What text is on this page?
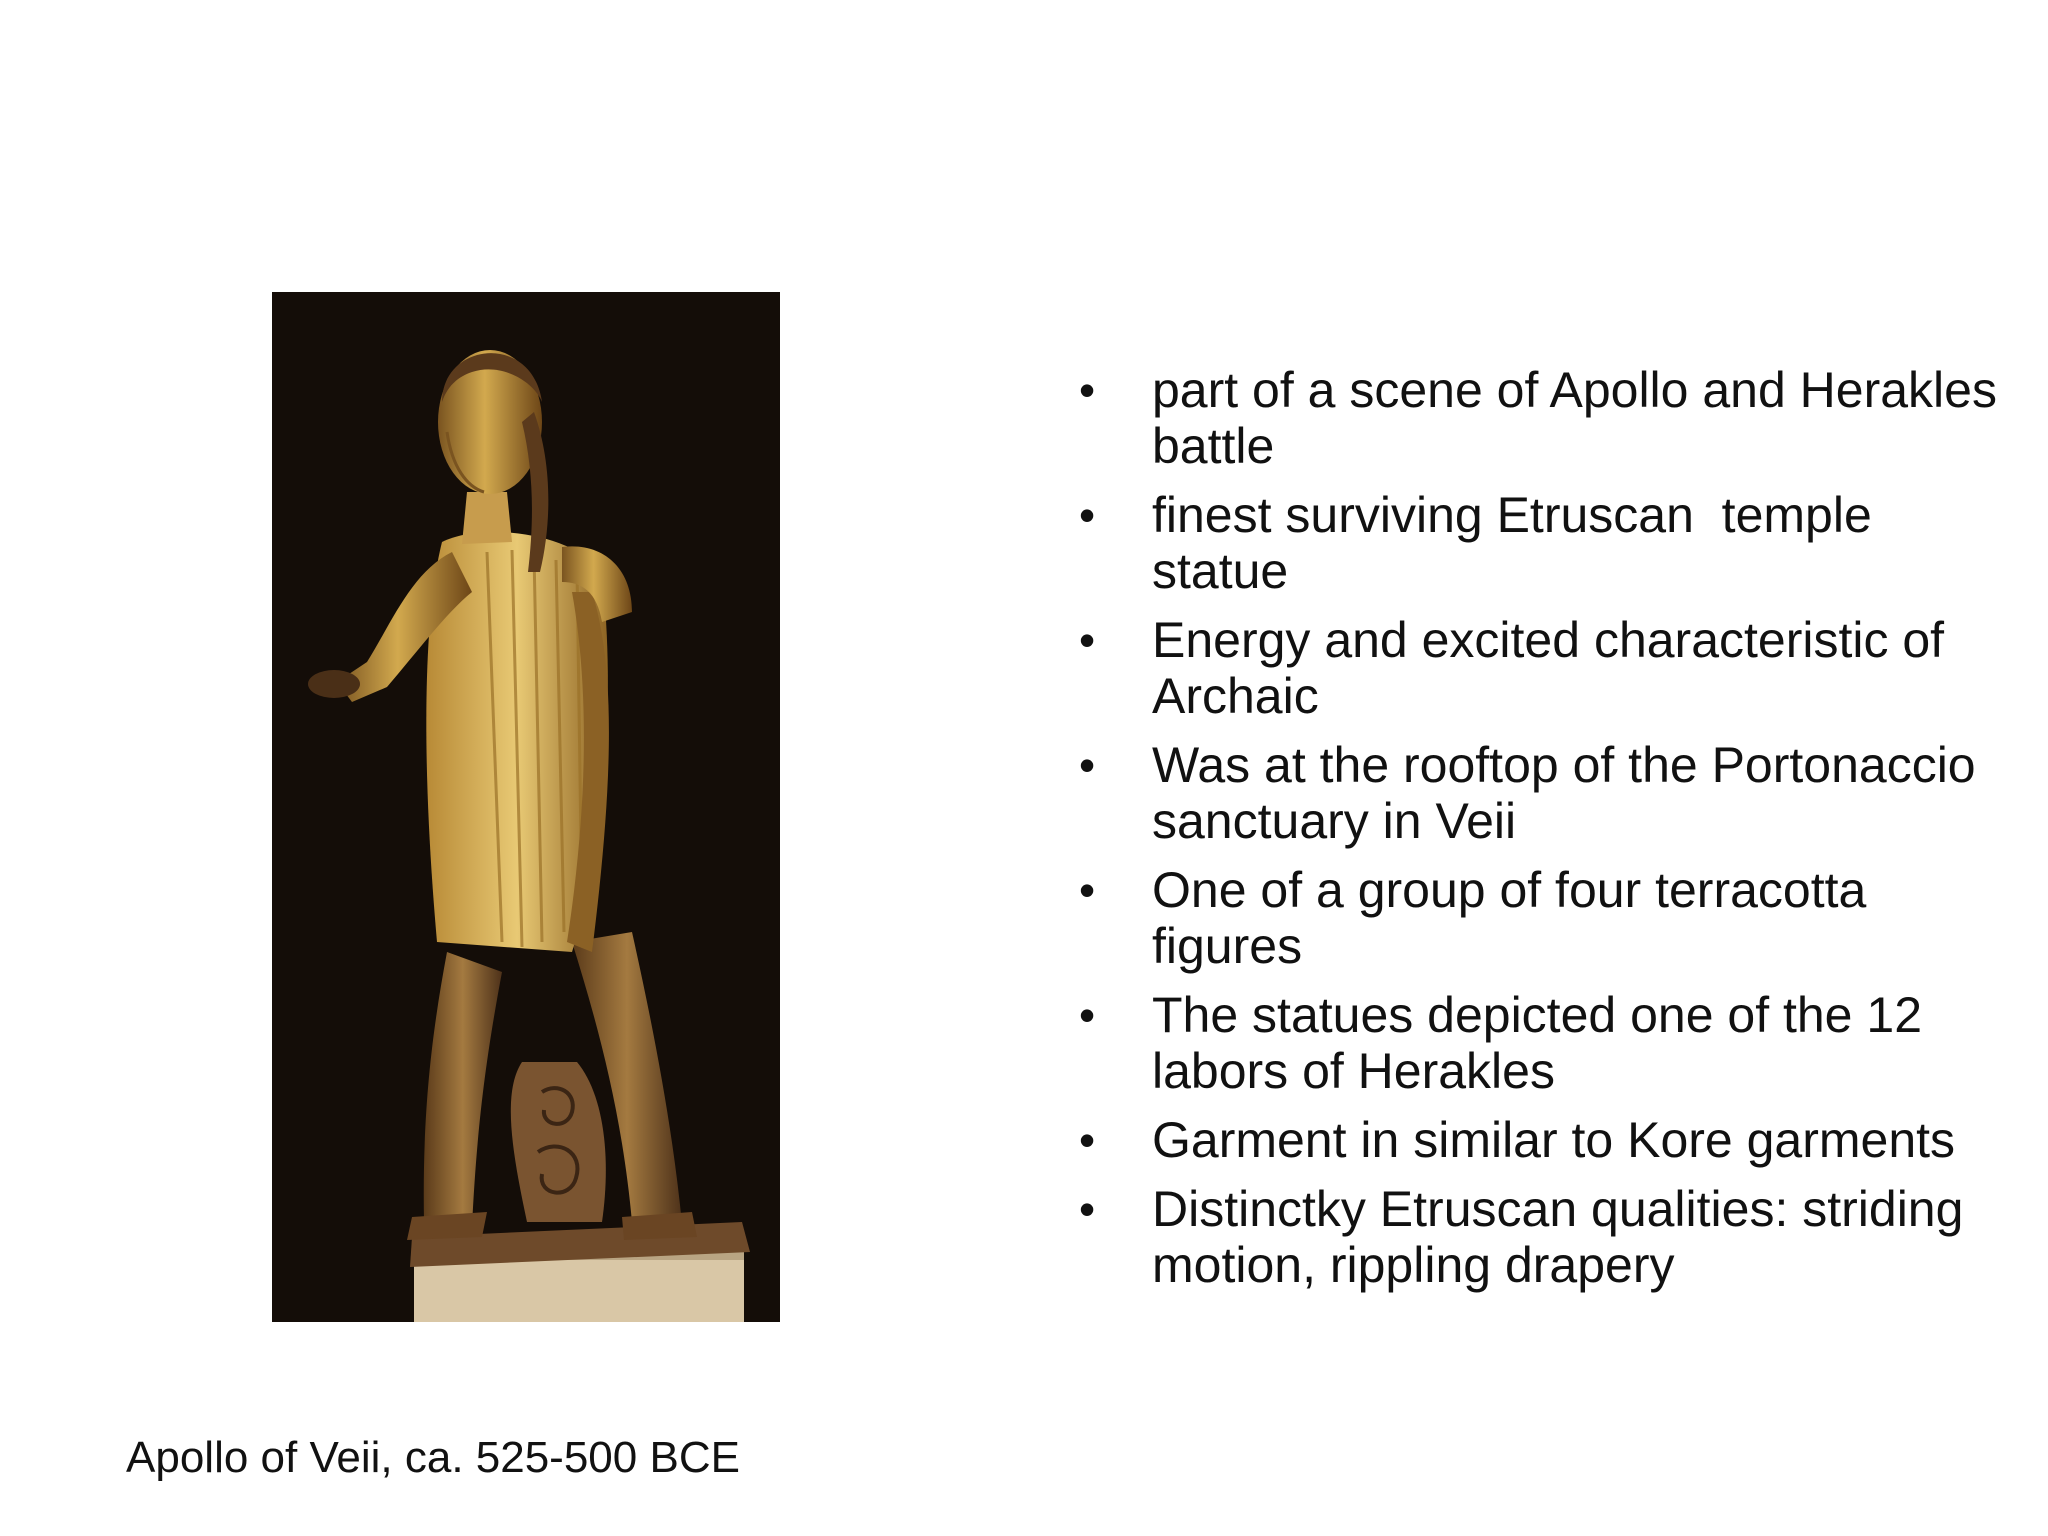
• part of a scene of Apollo and Herakles battle
• finest surviving Etruscan  temple statue
• Energy and excited characteristic of Archaic
• Was at the rooftop of the Portonaccio sanctuary in Veii
• One of a group of four terracotta figures
• The statues depicted one of the 12 labors of Herakles
• Garment in similar to Kore garments
• Distinctky Etruscan qualities: striding motion, rippling drapery
Apollo of Veii, ca. 525-500 BCE
